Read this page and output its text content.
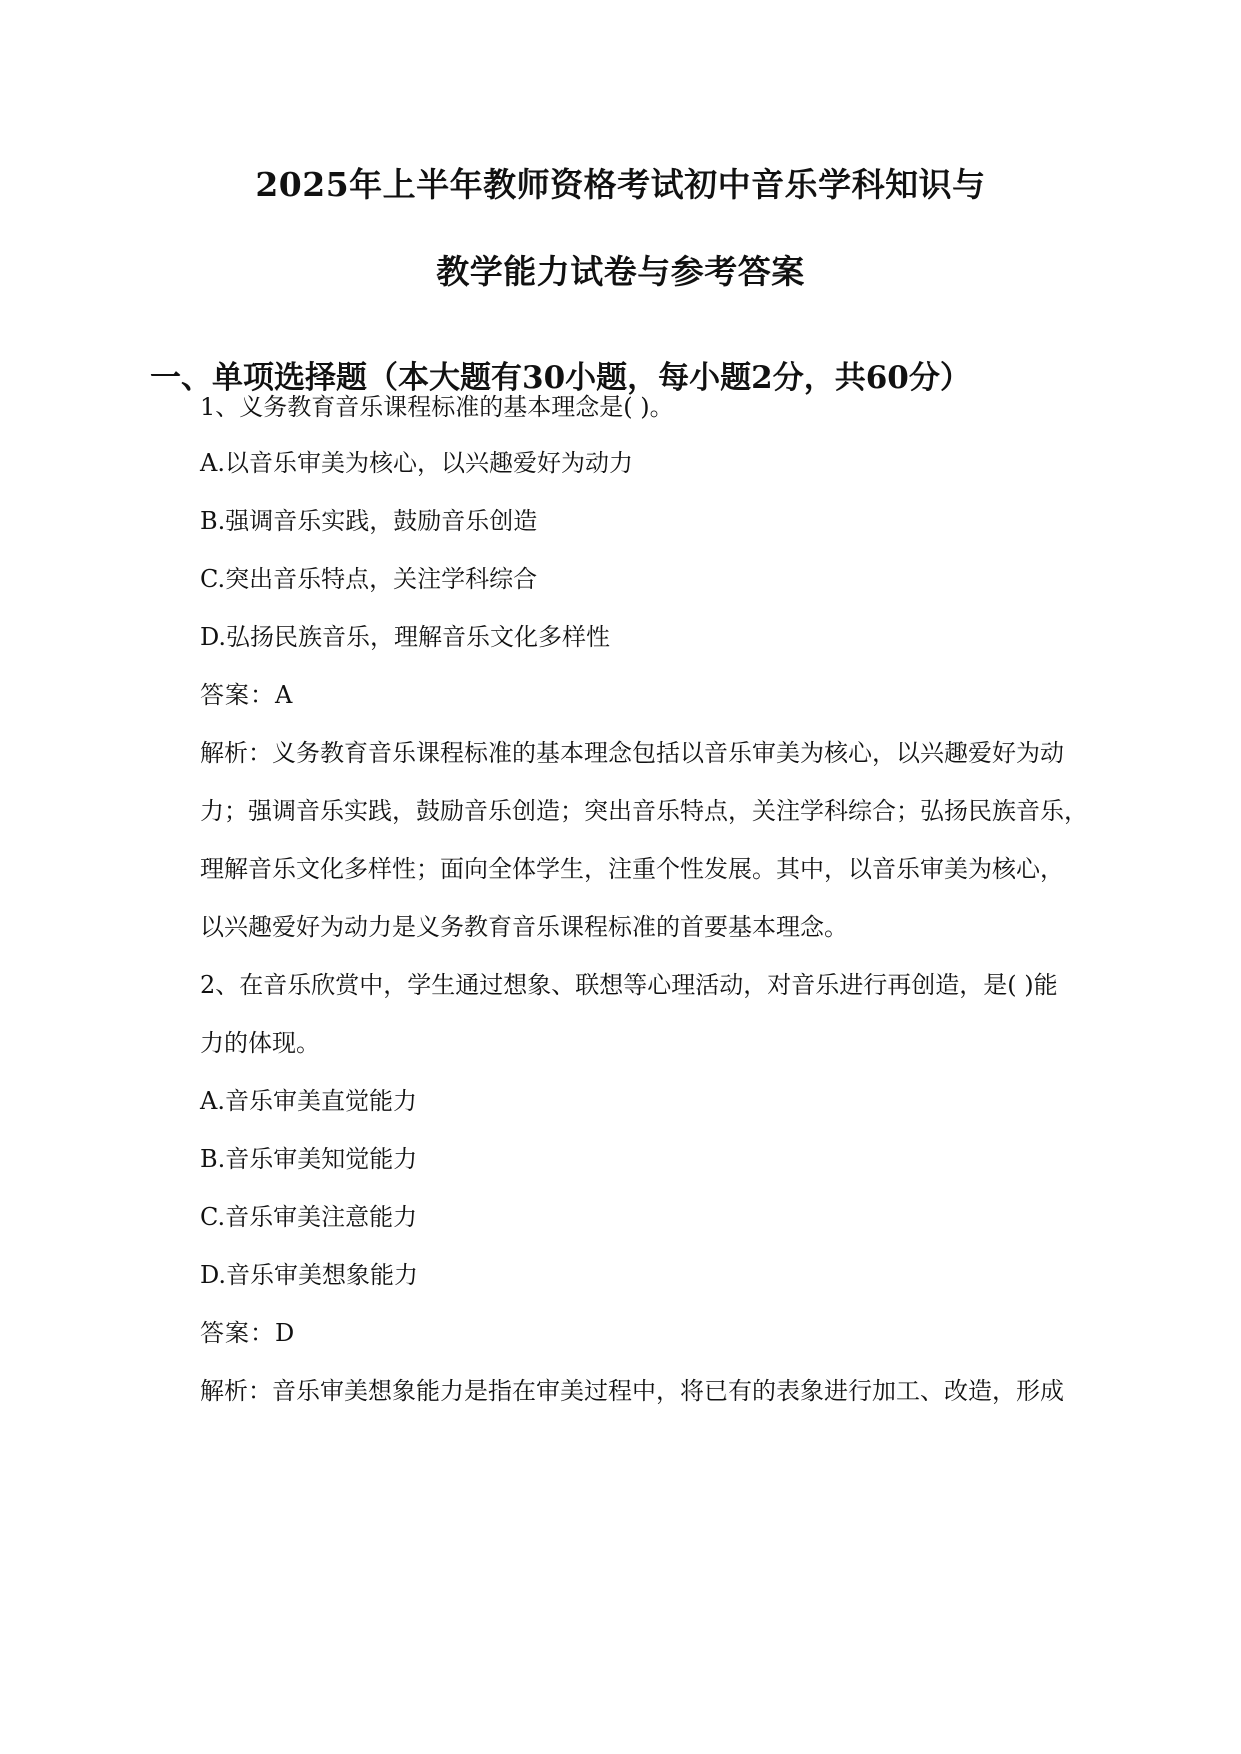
2025年上半年教师资格考试初中音乐学科知识与
教学能力试卷与参考答案
一、单项选择题（本大题有30小题，每小题2分，共60分）
1、义务教育音乐课程标准的基本理念是( )。
A.以音乐审美为核心，以兴趣爱好为动力
B.强调音乐实践，鼓励音乐创造
C.突出音乐特点，关注学科综合
D.弘扬民族音乐，理解音乐文化多样性
答案：A
解析：义务教育音乐课程标准的基本理念包括以音乐审美为核心，以兴趣爱好为动
力；强调音乐实践，鼓励音乐创造；突出音乐特点，关注学科综合；弘扬民族音乐，
理解音乐文化多样性；面向全体学生，注重个性发展。其中，以音乐审美为核心，
以兴趣爱好为动力是义务教育音乐课程标准的首要基本理念。
2、在音乐欣赏中，学生通过想象、联想等心理活动，对音乐进行再创造，是( )能
力的体现。
A.音乐审美直觉能力
B.音乐审美知觉能力
C.音乐审美注意能力
D.音乐审美想象能力
答案：D
解析：音乐审美想象能力是指在审美过程中，将已有的表象进行加工、改造，形成
